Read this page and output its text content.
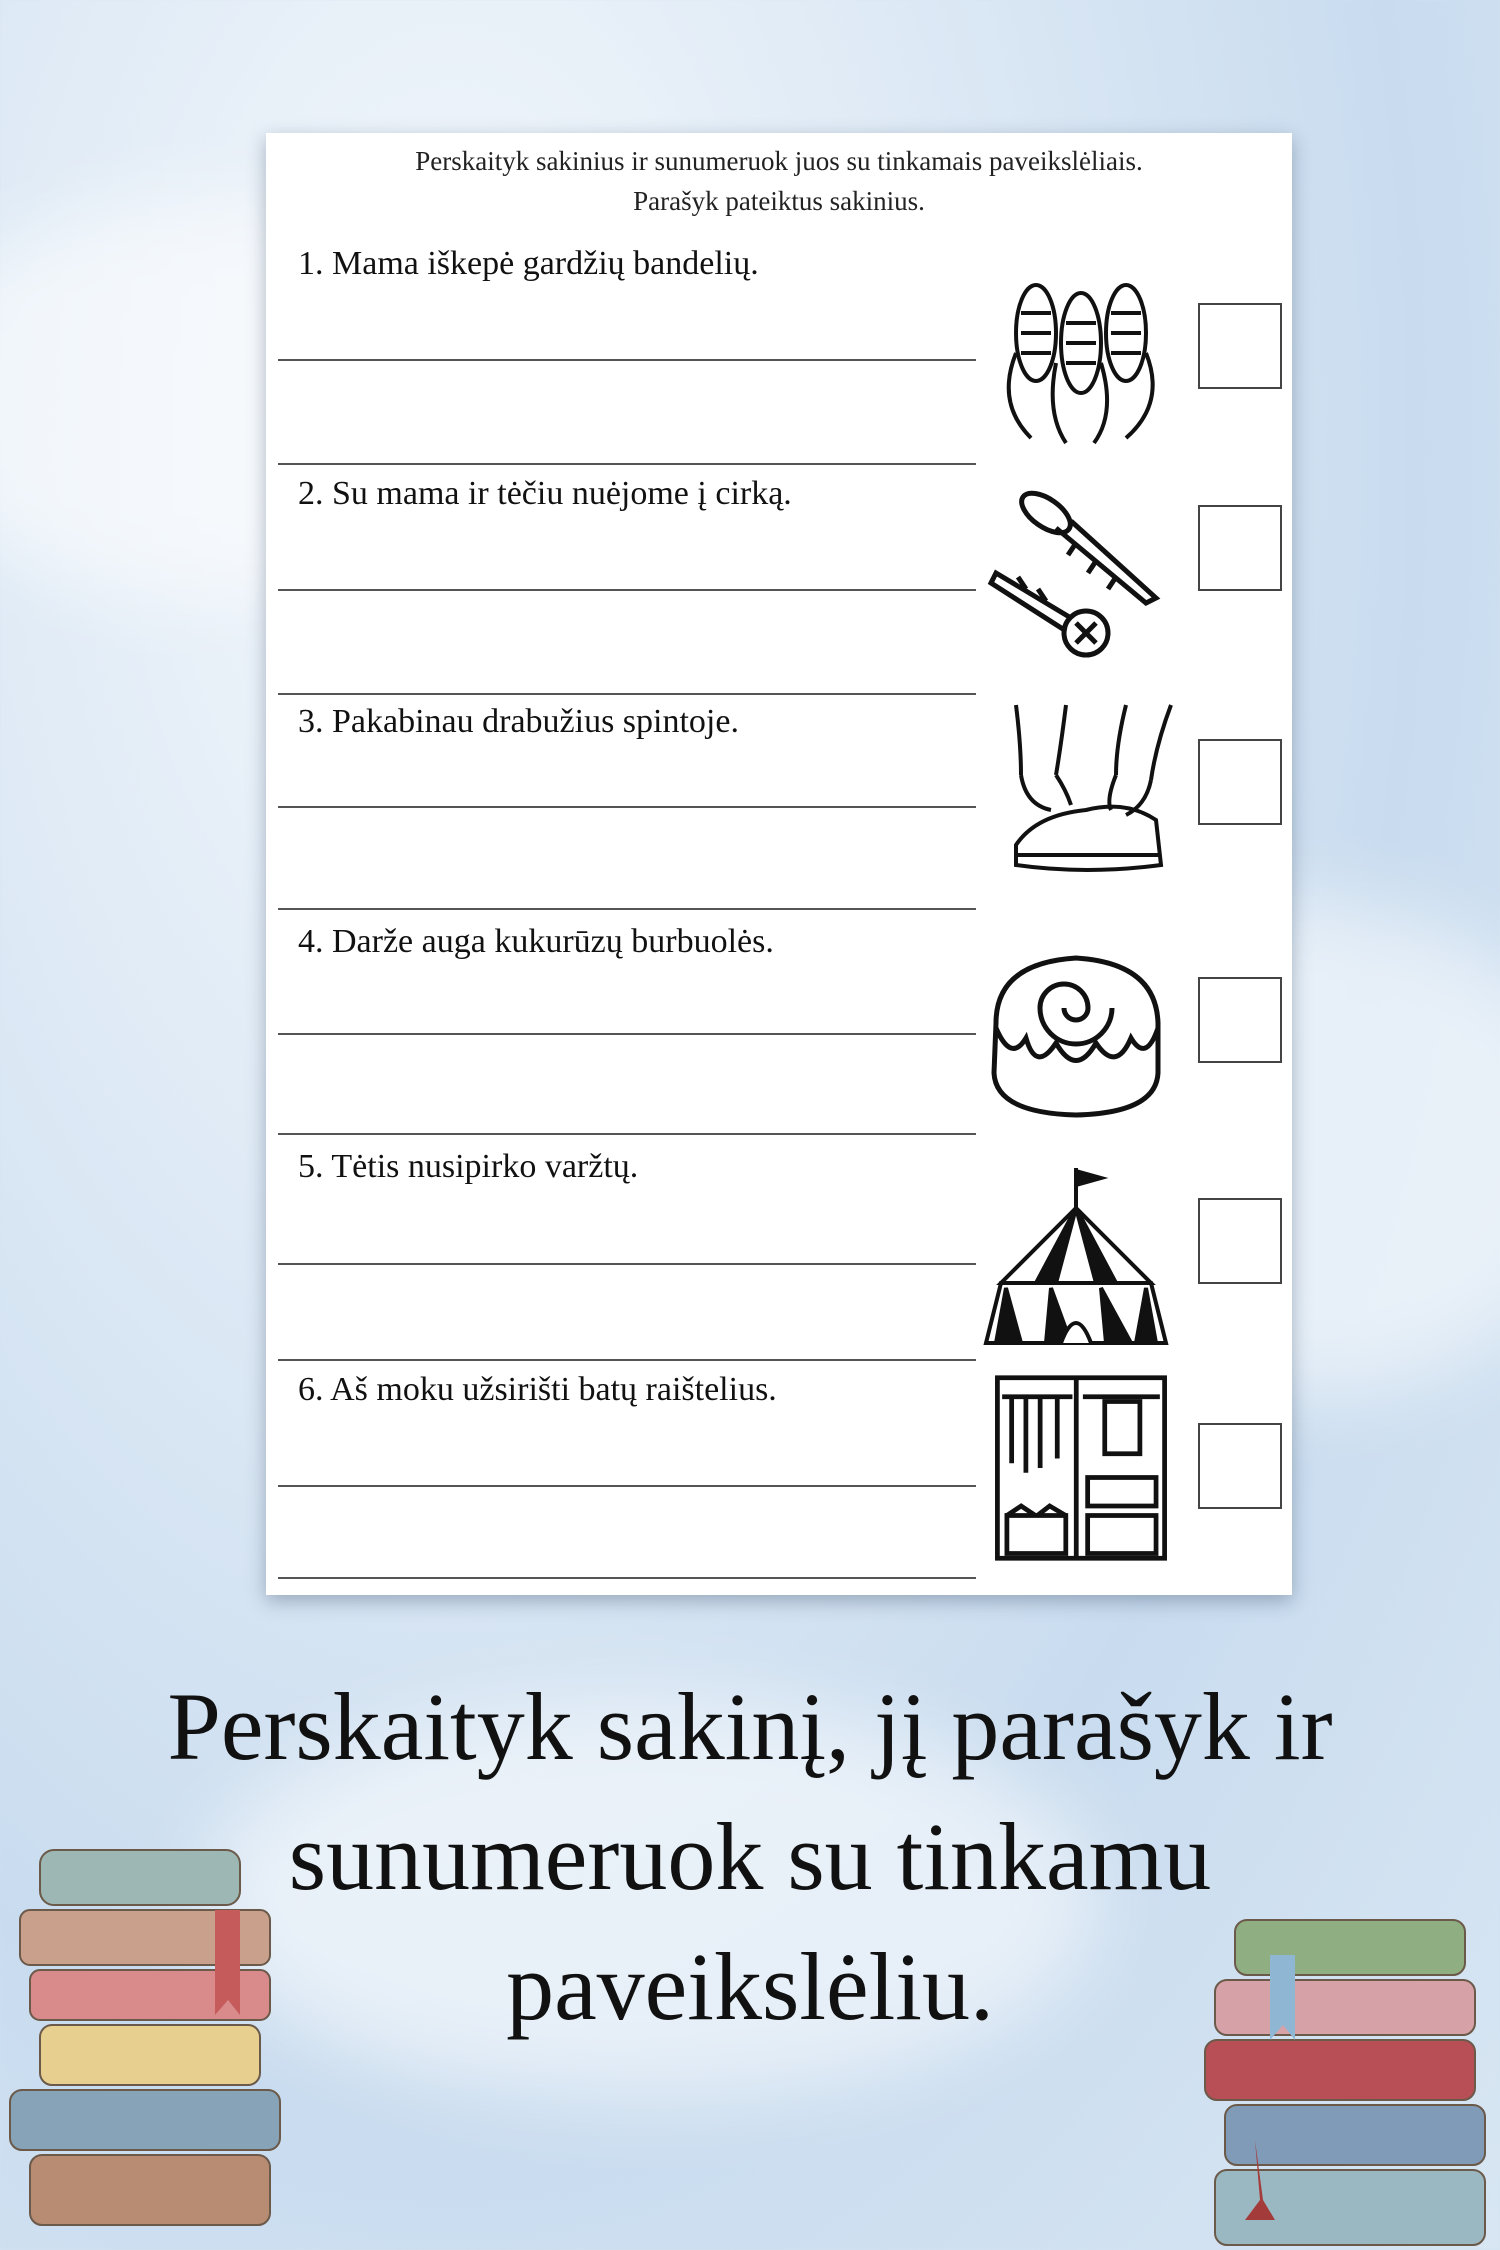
Perskaityk sakinius ir sunumeruok juos su tinkamais paveikslėliais.
Parašyk pateiktus sakinius.
1. Mama iškepė gardžių bandelių.
2. Su mama ir tėčiu nuėjome į cirką.
3. Pakabinau drabužius spintoje.
4. Darže auga kukurūzų burbuolės.
5. Tėtis nusipirko varžtų.
6. Aš moku užsirišti batų raištelius.
Perskaityk sakinį, jį parašyk ir
sunumeruok su tinkamu
paveikslėliu.
